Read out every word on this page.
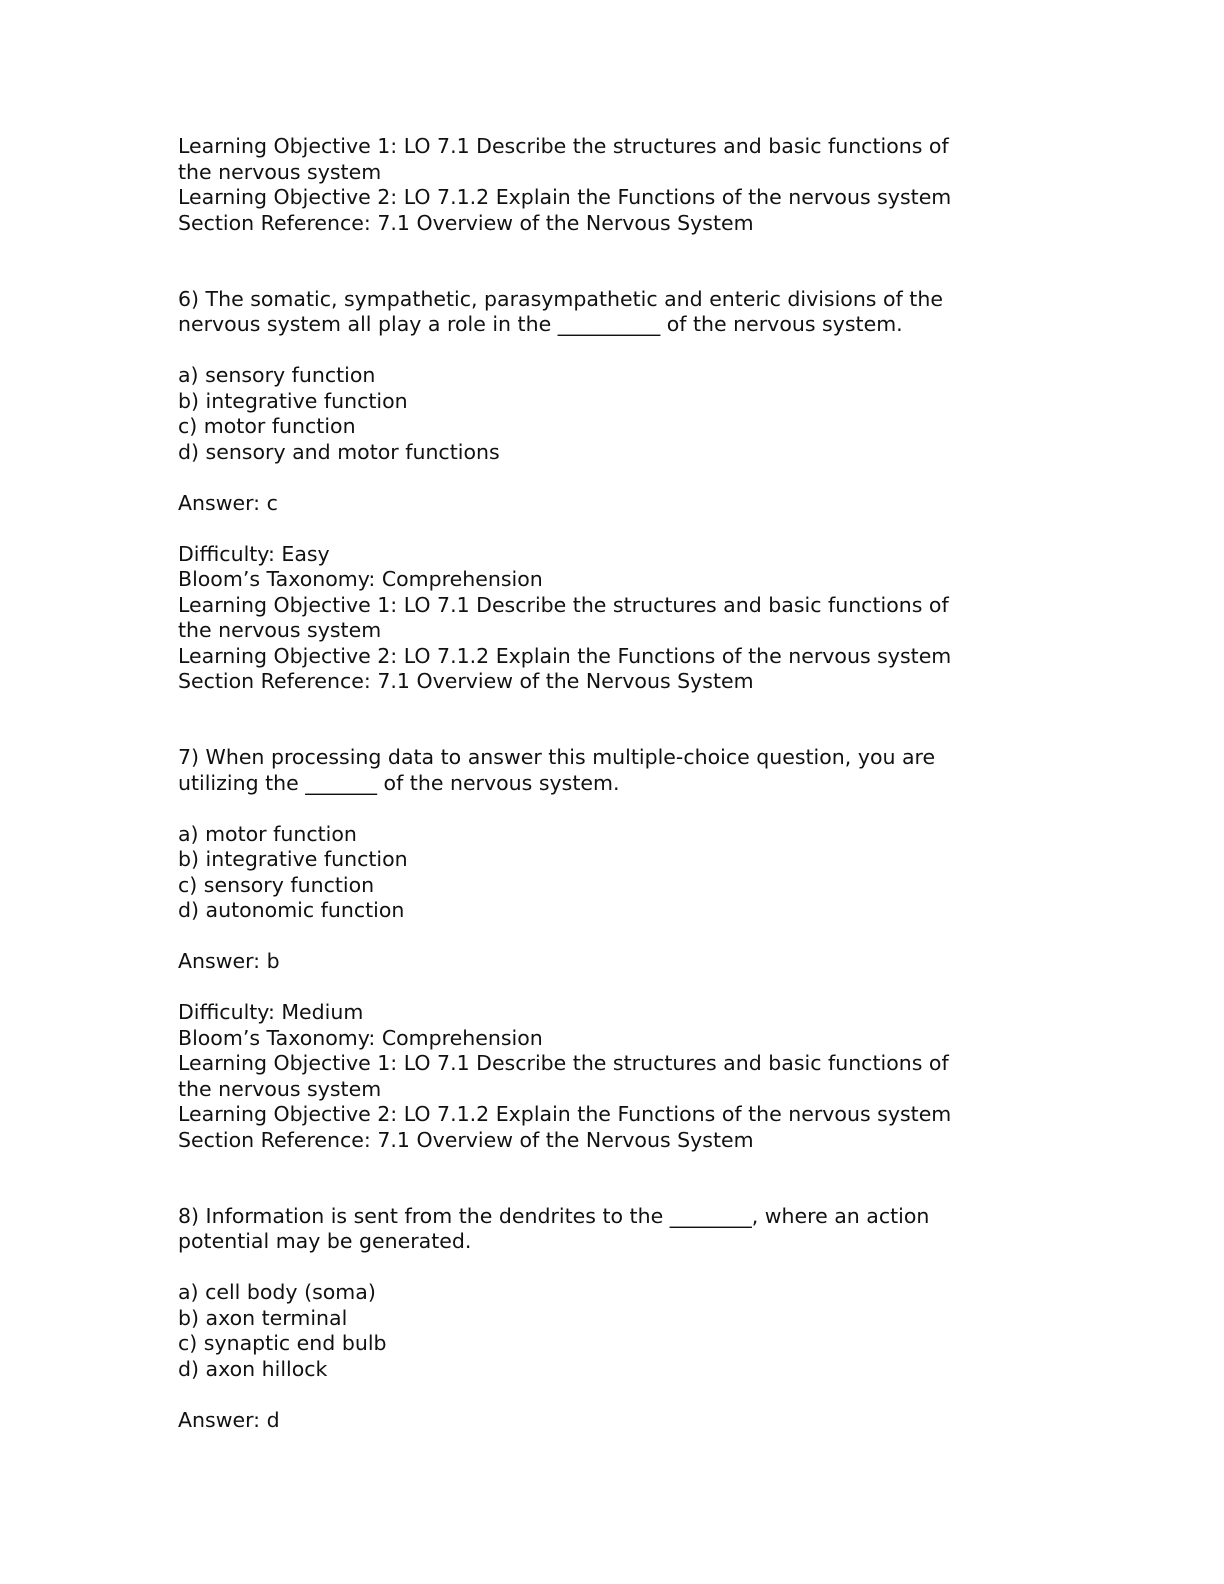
Learning Objective 1: LO 7.1 Describe the structures and basic functions of
the nervous system
Learning Objective 2: LO 7.1.2 Explain the Functions of the nervous system
Section Reference: 7.1 Overview of the Nervous System
6) The somatic, sympathetic, parasympathetic and enteric divisions of the
nervous system all play a role in the __________ of the nervous system.
a) sensory function
b) integrative function
c) motor function
d) sensory and motor functions
Answer: c
Difficulty: Easy
Bloom’s Taxonomy: Comprehension
Learning Objective 1: LO 7.1 Describe the structures and basic functions of
the nervous system
Learning Objective 2: LO 7.1.2 Explain the Functions of the nervous system
Section Reference: 7.1 Overview of the Nervous System
7) When processing data to answer this multiple-choice question, you are
utilizing the _______ of the nervous system.
a) motor function
b) integrative function
c) sensory function
d) autonomic function
Answer: b
Difficulty: Medium
Bloom’s Taxonomy: Comprehension
Learning Objective 1: LO 7.1 Describe the structures and basic functions of
the nervous system
Learning Objective 2: LO 7.1.2 Explain the Functions of the nervous system
Section Reference: 7.1 Overview of the Nervous System
8) Information is sent from the dendrites to the ________, where an action
potential may be generated.
a) cell body (soma)
b) axon terminal
c) synaptic end bulb
d) axon hillock
Answer: d
